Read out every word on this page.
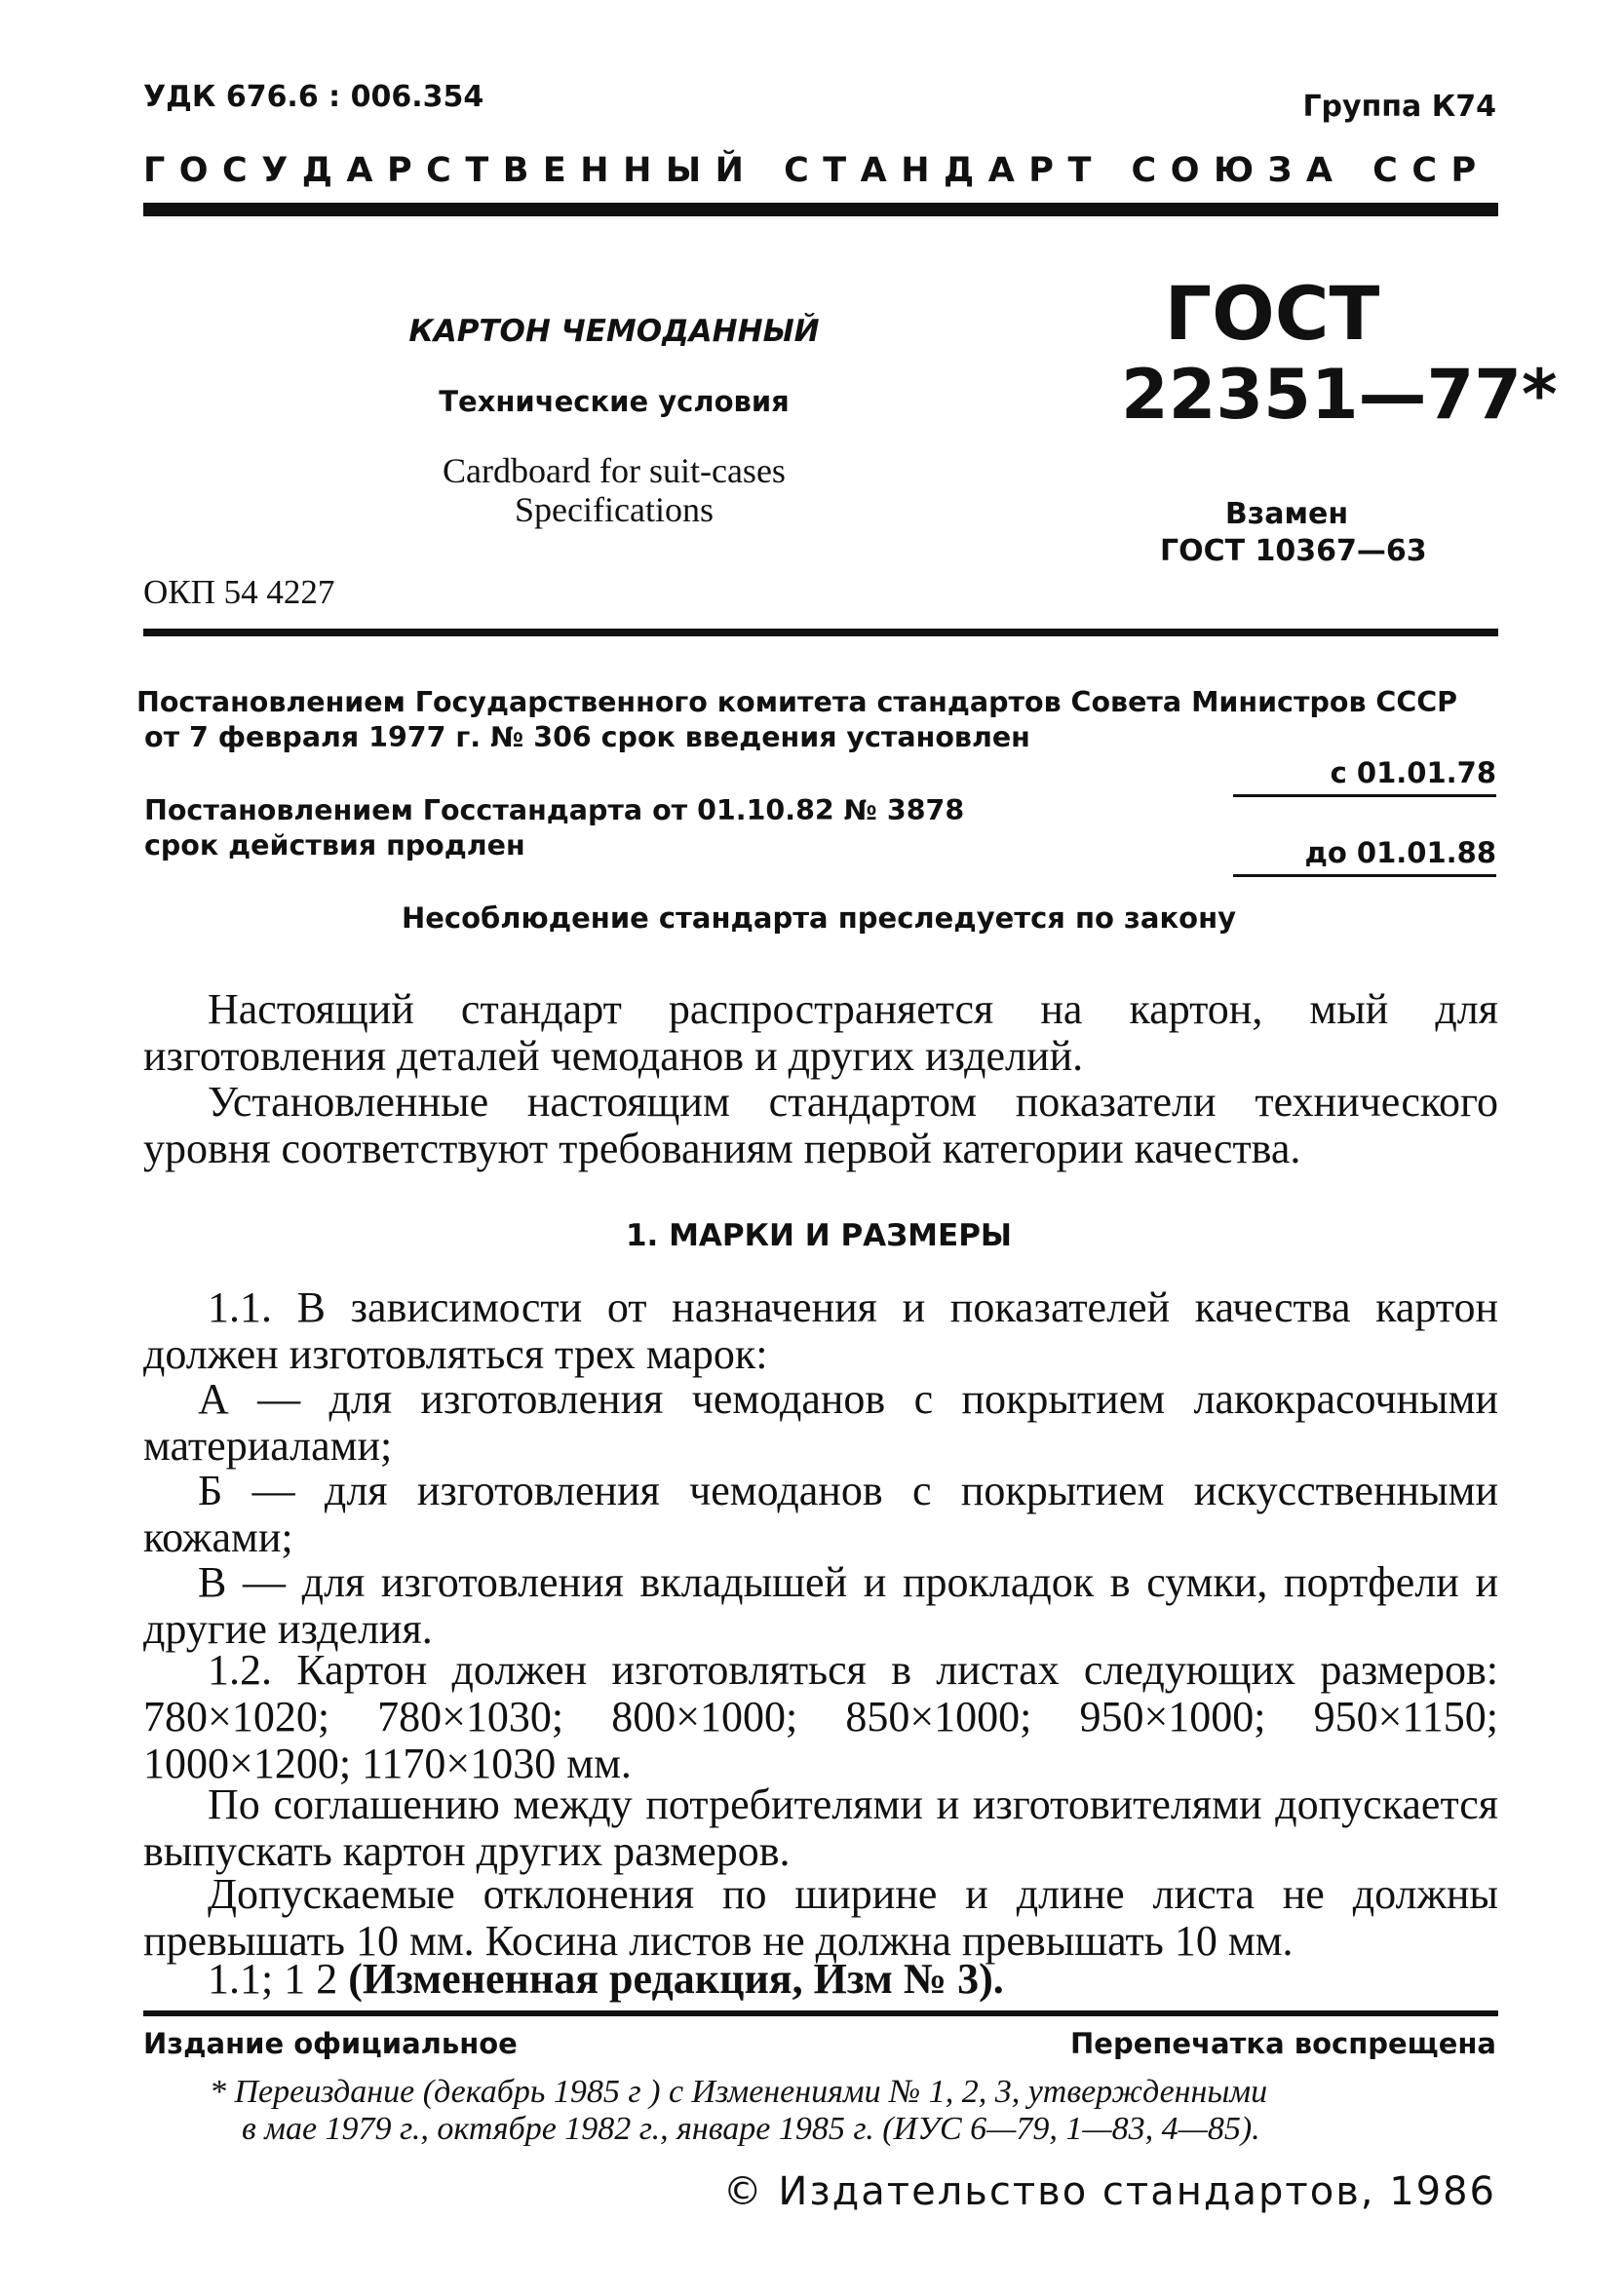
УДК 676.6 : 006.354	Группа К74
ГОСУДАРСТВЕННЫЙ СТАНДАРТ СОЮЗА ССР
КАРТОН ЧЕМОДАННЫЙ
Технические условия
Cardboard for suit-cases
Specifications
ОКП 54 4227
ГОСТ
22351—77*
Взамен
ГОСТ 10367—63
Постановлением Государственного комитета стандартов Совета Министров СССР
от 7 февраля 1977 г. № 306 срок введения установлен
с 01.01.78
Постановлением Госстандарта от 01.10.82 № 3878
срок действия продлен	до 01.01.88
Несоблюдение стандарта преследуется по закону
Настоящий стандарт распространяется на картон, мый для изготовления деталей чемоданов и других изделий.
Установленные настоящим стандартом показатели технического уровня соответствуют требованиям первой категории качества.
1. МАРКИ И РАЗМЕРЫ
1.1. В зависимости от назначения и показателей качества картон должен изготовляться трех марок:
А — для изготовления чемоданов с покрытием лакокрасочными материалами;
Б — для изготовления чемоданов с покрытием искусственными кожами;
В — для изготовления вкладышей и прокладок в сумки, портфели и другие изделия.
1.2. Картон должен изготовляться в листах следующих размеров: 780×1020; 780×1030; 800×1000; 850×1000; 950×1000; 950×1150; 1000×1200; 1170×1030 мм.
По соглашению между потребителями и изготовителями допускается выпускать картон других размеров.
Допускаемые отклонения по ширине и длине листа не должны превышать 10 мм. Косина листов не должна превышать 10 мм.
1.1; 1 2 (Измененная редакция, Изм № 3).
Издание официальное	Перепечатка воспрещена
* Переиздание (декабрь 1985 г ) с Изменениями № 1, 2, 3, утвержденными
в мае 1979 г., октябре 1982 г., январе 1985 г. (ИУС 6—79, 1—83, 4—85).
© Издательство стандартов, 1986
